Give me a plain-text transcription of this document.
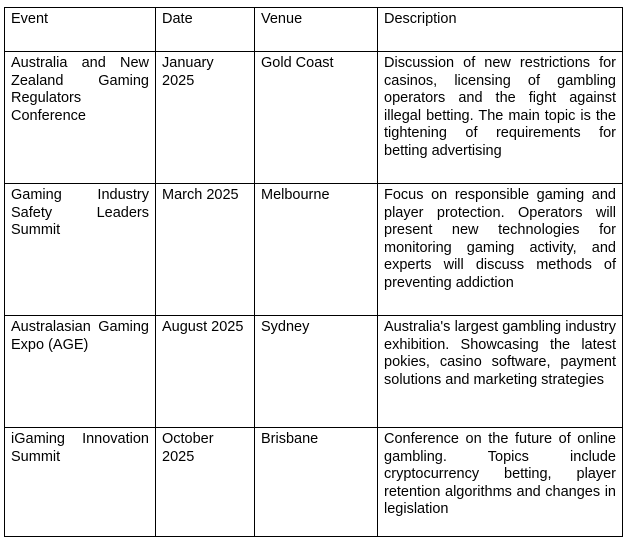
Event	Date	Venue	Description
Australia and New Zealand Gaming Regulators Conference	January 2025	Gold Coast	Discussion of new restrictions for casinos, licensing of gambling operators and the fight against illegal betting. The main topic is the tightening of requirements for betting advertising
Gaming Industry Safety Leaders Summit	March 2025	Melbourne	Focus on responsible gaming and player protection. Operators will present new technologies for monitoring gaming activity, and experts will discuss methods of preventing addiction
Australasian Gaming Expo (AGE)	August 2025	Sydney	Australia's largest gambling industry exhibition. Showcasing the latest pokies, casino software, payment solutions and marketing strategies
iGaming Innovation Summit	October 2025	Brisbane	Conference on the future of online gambling. Topics include cryptocurrency betting, player retention algorithms and changes in legislation
